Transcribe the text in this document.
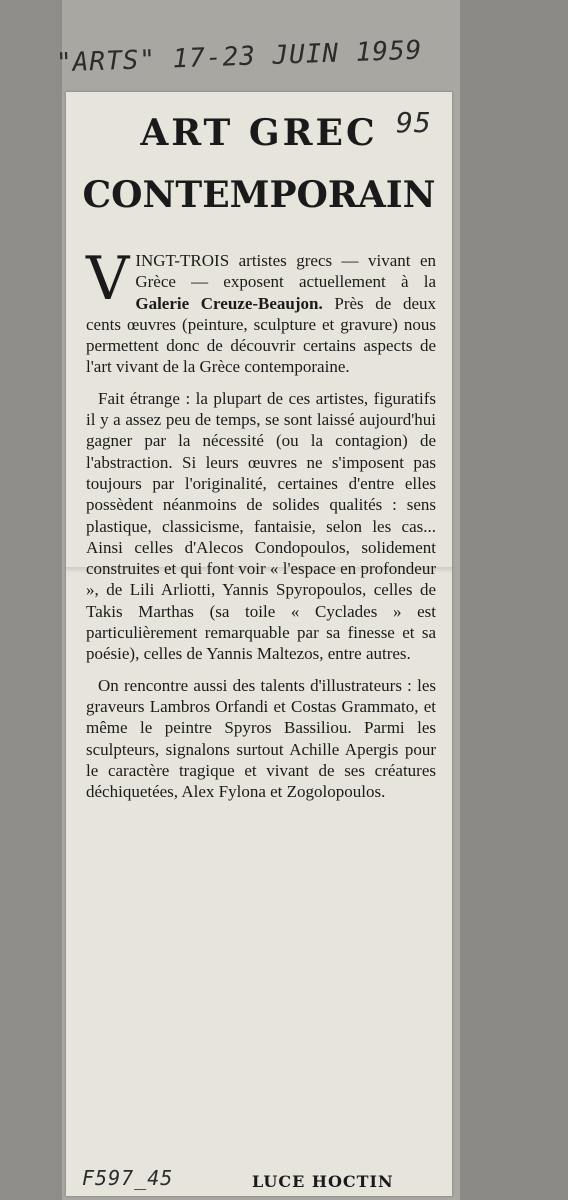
"ARTS" 17-23 JUIN 1959
95
ART GREC
CONTEMPORAIN

VINGT-TROIS artistes grecs — vivant en Grèce — exposent actuellement à la Galerie Creuze-Beaujon. Près de deux cents œuvres (peinture, sculpture et gravure) nous permettent donc de découvrir certains aspects de l'art vivant de la Grèce contemporaine.

Fait étrange : la plupart de ces artistes, figuratifs il y a assez peu de temps, se sont laissé aujourd'hui gagner par la nécessité (ou la contagion) de l'abstraction. Si leurs œuvres ne s'imposent pas toujours par l'originalité, certaines d'entre elles possèdent néanmoins de solides qualités : sens plastique, classicisme, fantaisie, selon les cas... Ainsi celles d'Alecos Condopoulos, solidement construites et qui font voir « l'espace en profondeur », de Lili Arliotti, Yannis Spyropoulos, celles de Takis Marthas (sa toile « Cyclades » est particulièrement remarquable par sa finesse et sa poésie), celles de Yannis Maltezos, entre autres.

On rencontre aussi des talents d'illustrateurs : les graveurs Lambros Orfandi et Costas Grammato, et même le peintre Spyros Bassiliou. Parmi les sculpteurs, signalons surtout Achille Apergis pour le caractère tragique et vivant de ses créatures déchiquetées, Alex Fylona et Zogolopoulos.

F597_45	LUCE HOCTIN
